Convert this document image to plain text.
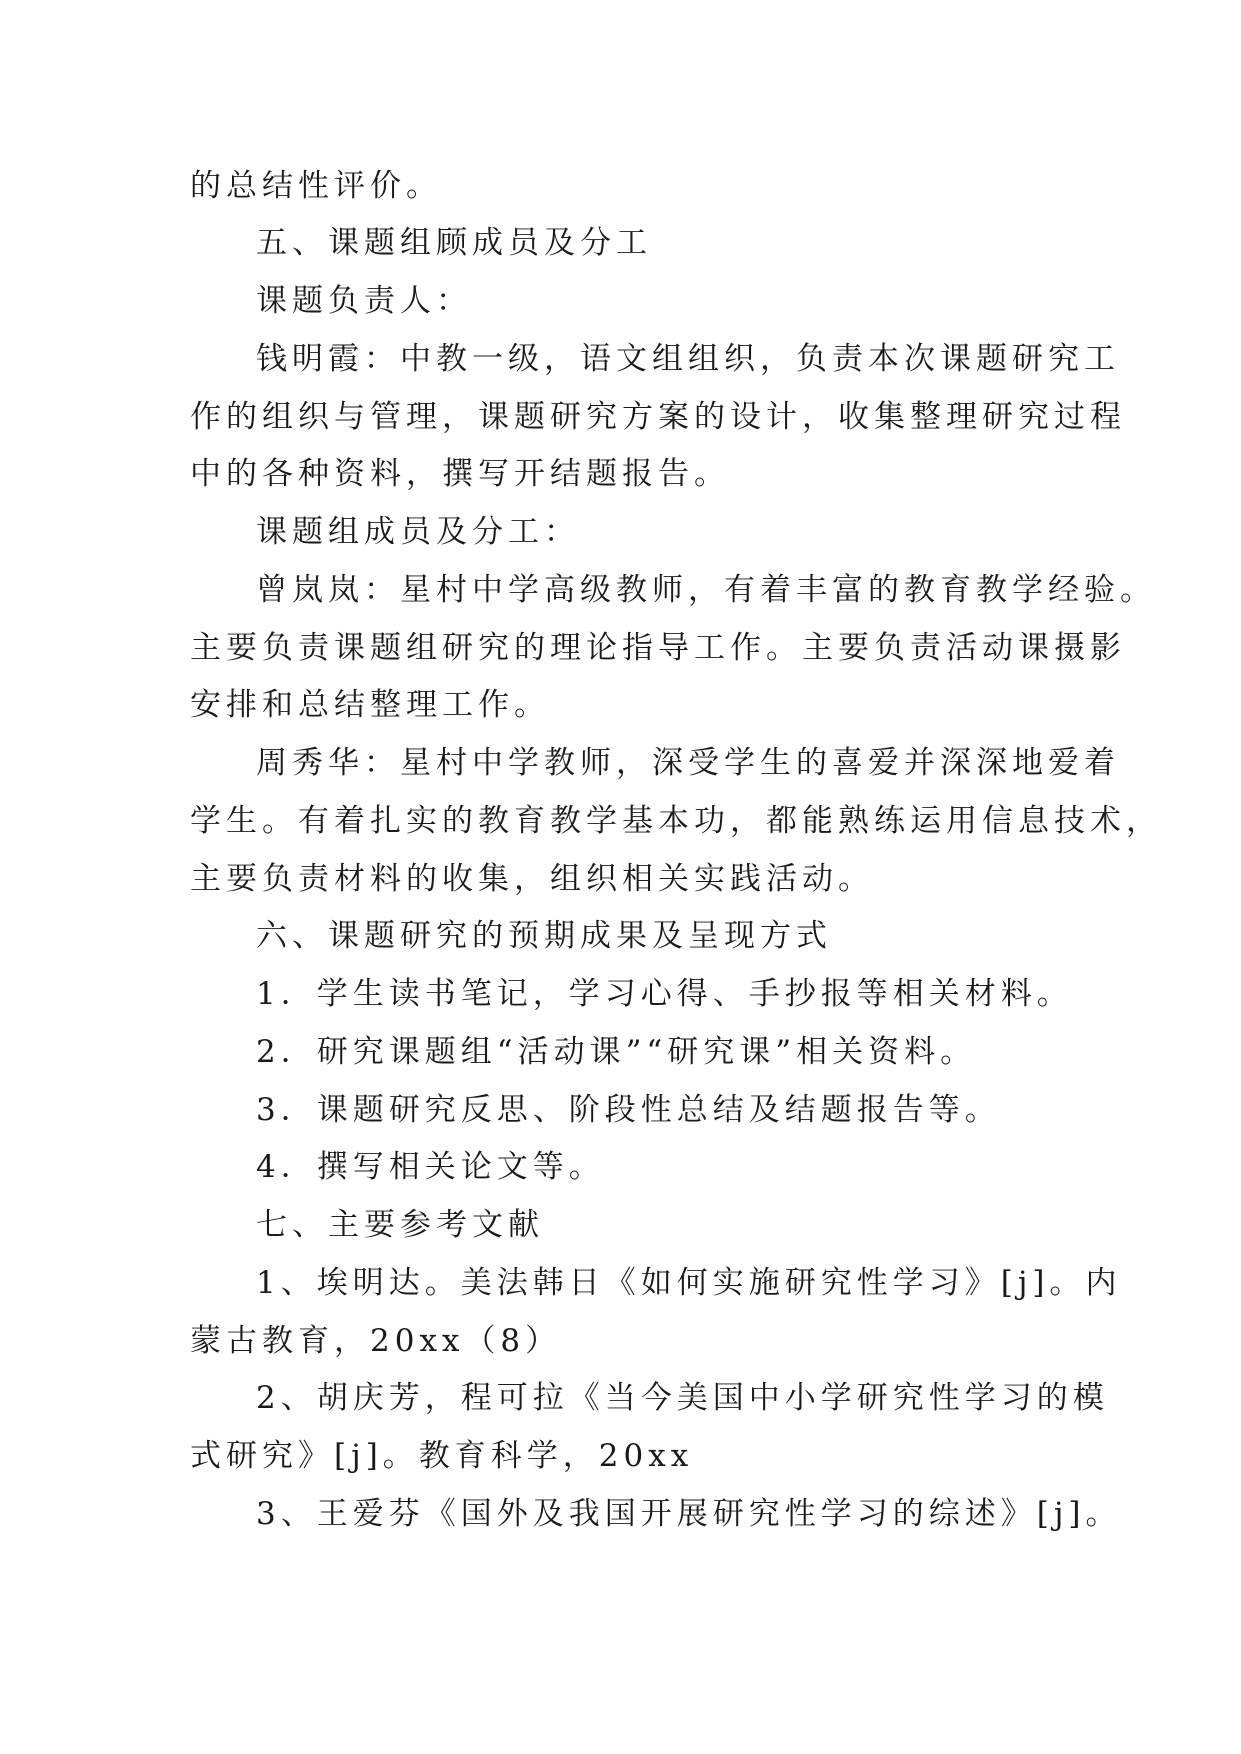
的总结性评价。
五、课题组顾成员及分工
课题负责人：
钱明霞：中教一级，语文组组织，负责本次课题研究工
作的组织与管理，课题研究方案的设计，收集整理研究过程
中的各种资料，撰写开结题报告。
课题组成员及分工：
曾岚岚：星村中学高级教师，有着丰富的教育教学经验。
主要负责课题组研究的理论指导工作。主要负责活动课摄影
安排和总结整理工作。
周秀华：星村中学教师，深受学生的喜爱并深深地爱着
学生。有着扎实的教育教学基本功，都能熟练运用信息技术，
主要负责材料的收集，组织相关实践活动。
六、课题研究的预期成果及呈现方式
1．学生读书笔记，学习心得、手抄报等相关材料。
2．研究课题组“活动课”“研究课”相关资料。
3．课题研究反思、阶段性总结及结题报告等。
4．撰写相关论文等。
七、主要参考文献
1、埃明达。美法韩日《如何实施研究性学习》[j]。内
蒙古教育，20xx（8）
2、胡庆芳，程可拉《当今美国中小学研究性学习的模
式研究》[j]。教育科学，20xx
3、王爱芬《国外及我国开展研究性学习的综述》[j]。
